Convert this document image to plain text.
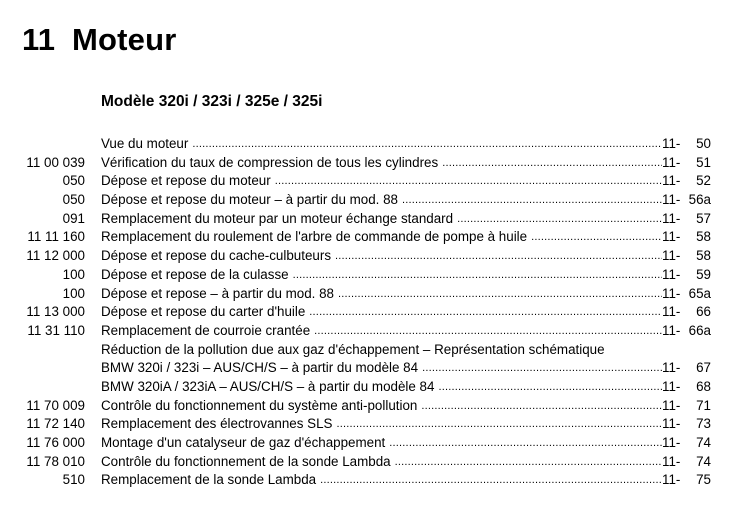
11 Moteur
Modèle 320i / 323i / 325e / 325i
Vue du moteur .....	11- 50
11 00 039 Vérification du taux de compression de tous les cylindres .....	11- 51
050 Dépose et repose du moteur .....	11- 52
050 Dépose et repose du moteur – à partir du mod. 88 .....	11- 56a
091 Remplacement du moteur par un moteur échange standard .....	11- 57
11 11 160 Remplacement du roulement de l'arbre de commande de pompe à huile .....	11- 58
11 12 000 Dépose et repose du cache-culbuteurs .....	11- 58
100 Dépose et repose de la culasse .....	11- 59
100 Dépose et repose – à partir du mod. 88 .....	11- 65a
11 13 000 Dépose et repose du carter d'huile .....	11- 66
11 31 110 Remplacement de courroie crantée .....	11- 66a
Réduction de la pollution due aux gaz d'échappement – Représentation schématique
BMW 320i / 323i – AUS/CH/S – à partir du modèle 84 .....	11- 67
BMW 320iA / 323iA – AUS/CH/S – à partir du modèle 84 .....	11- 68
11 70 009 Contrôle du fonctionnement du système anti-pollution .....	11- 71
11 72 140 Remplacement des électrovannes SLS .....	11- 73
11 76 000 Montage d'un catalyseur de gaz d'échappement .....	11- 74
11 78 010 Contrôle du fonctionnement de la sonde Lambda .....	11- 74
510 Remplacement de la sonde Lambda .....	11- 75
